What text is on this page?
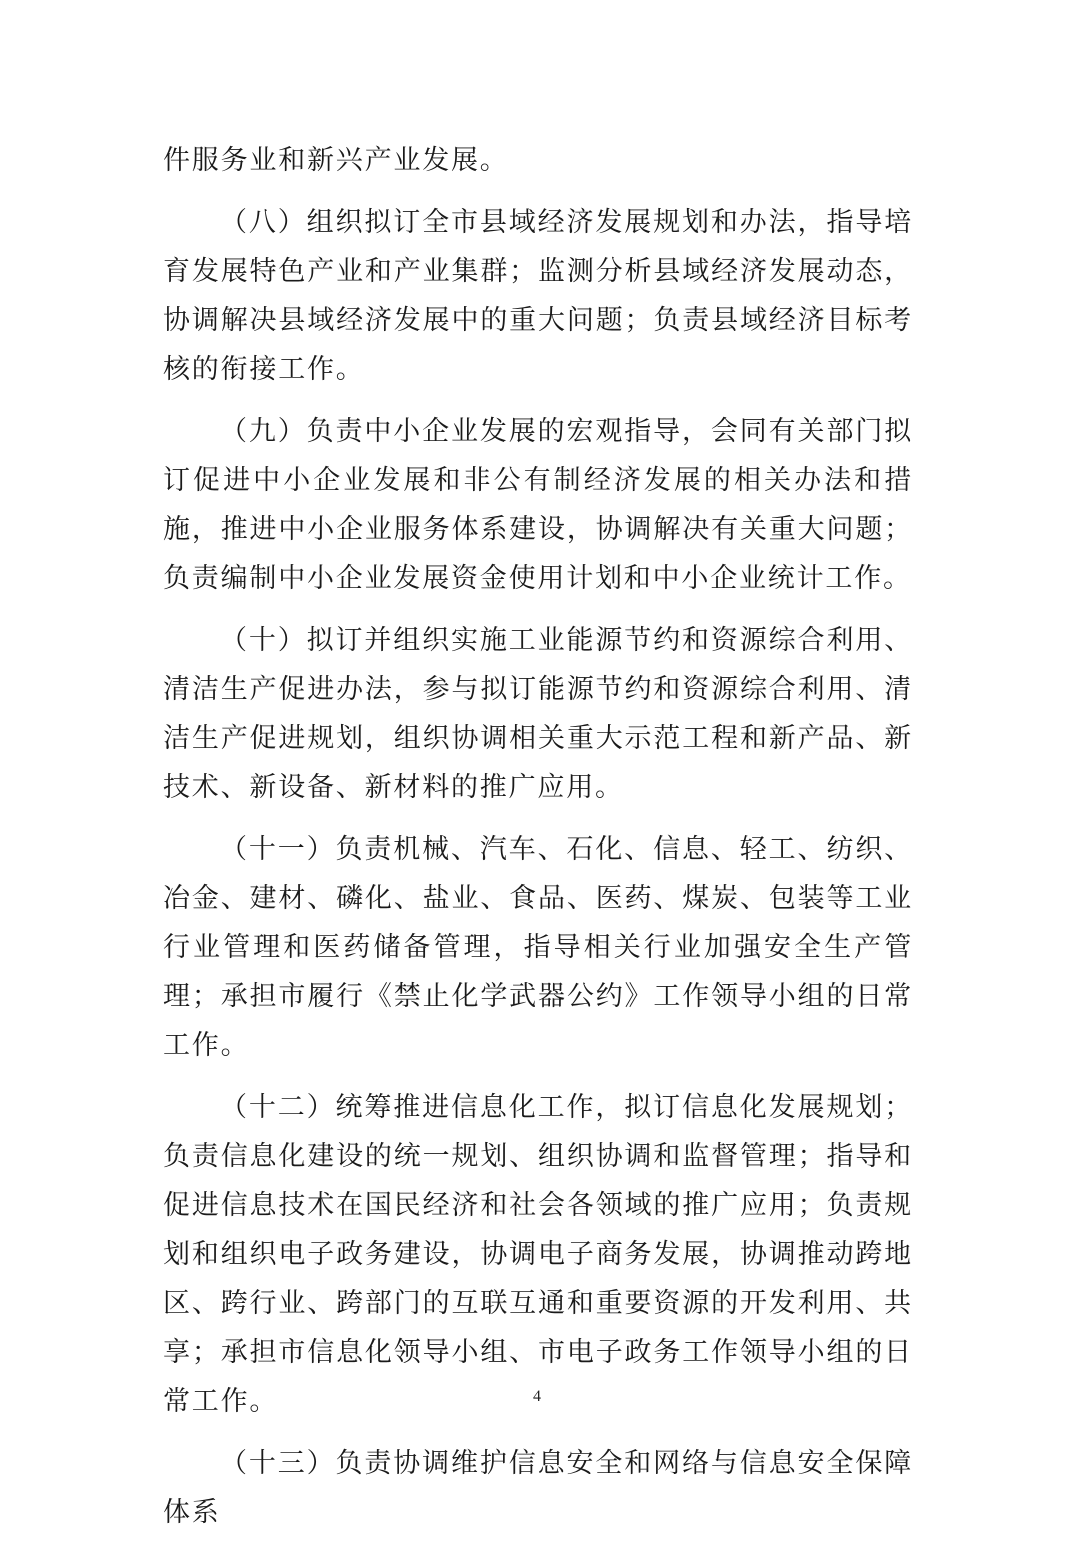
件服务业和新兴产业发展。

（八）组织拟订全市县域经济发展规划和办法，指导培育发展特色产业和产业集群；监测分析县域经济发展动态，协调解决县域经济发展中的重大问题；负责县域经济目标考核的衔接工作。

（九）负责中小企业发展的宏观指导，会同有关部门拟订促进中小企业发展和非公有制经济发展的相关办法和措施，推进中小企业服务体系建设，协调解决有关重大问题；负责编制中小企业发展资金使用计划和中小企业统计工作。

（十）拟订并组织实施工业能源节约和资源综合利用、清洁生产促进办法，参与拟订能源节约和资源综合利用、清洁生产促进规划，组织协调相关重大示范工程和新产品、新技术、新设备、新材料的推广应用。

（十一）负责机械、汽车、石化、信息、轻工、纺织、冶金、建材、磷化、盐业、食品、医药、煤炭、包装等工业行业管理和医药储备管理，指导相关行业加强安全生产管理；承担市履行《禁止化学武器公约》工作领导小组的日常工作。

（十二）统筹推进信息化工作，拟订信息化发展规划；负责信息化建设的统一规划、组织协调和监督管理；指导和促进信息技术在国民经济和社会各领域的推广应用；负责规划和组织电子政务建设，协调电子商务发展，协调推动跨地区、跨行业、跨部门的互联互通和重要资源的开发利用、共享；承担市信息化领导小组、市电子政务工作领导小组的日常工作。

（十三）负责协调维护信息安全和网络与信息安全保障体系

4
